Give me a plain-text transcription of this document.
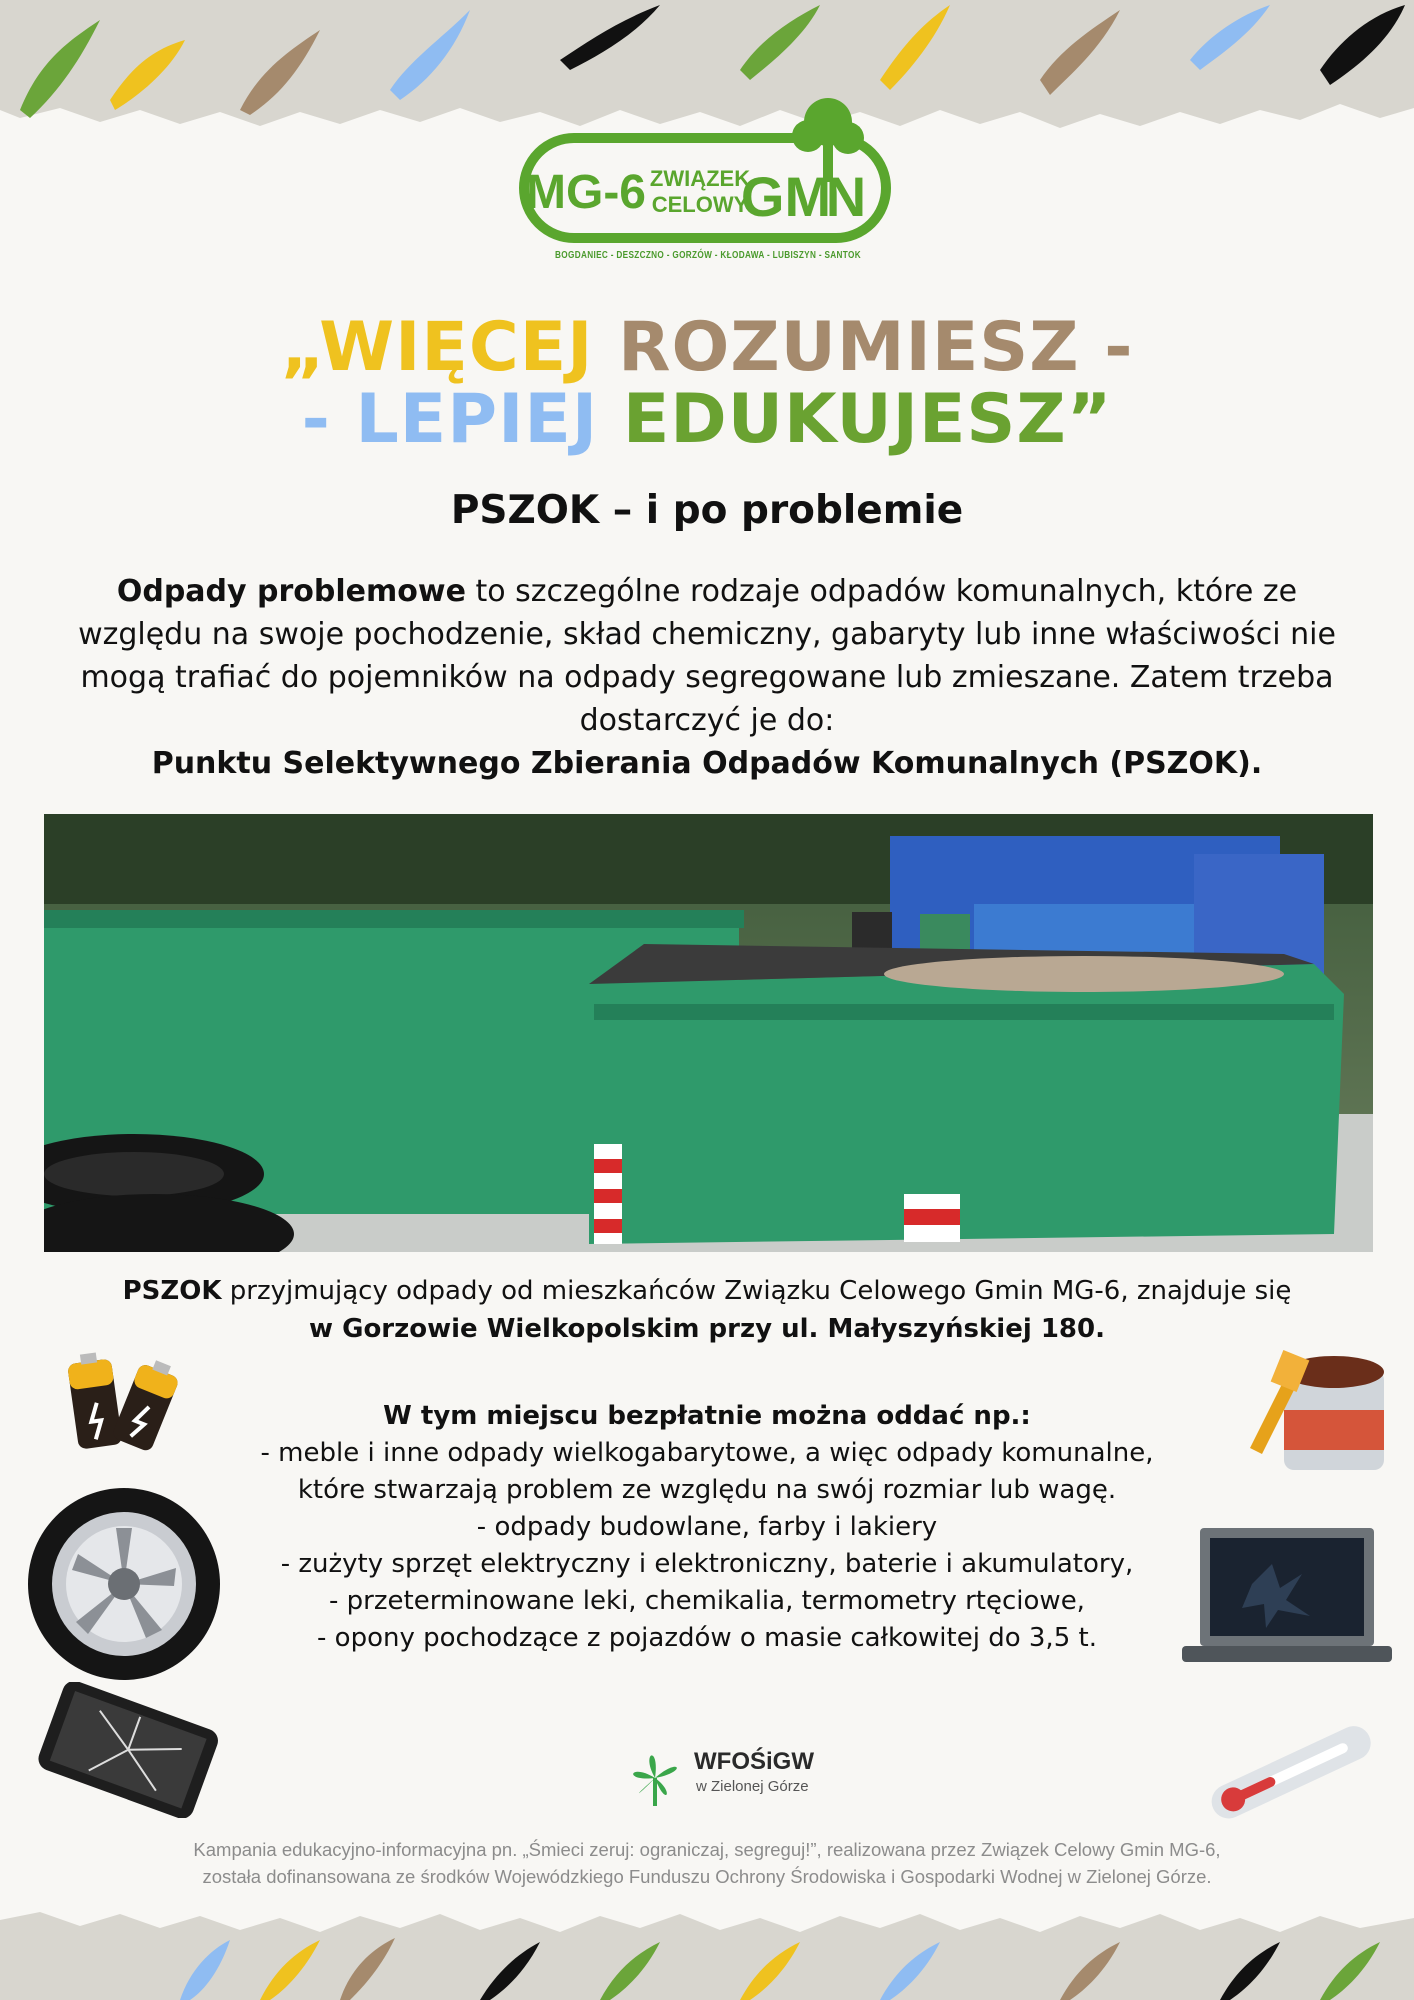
MG-6 ZWIĄZEK
CELOWY
GM
N
BOGDANIEC - DESZCZNO - GORZÓW - KŁODAWA - LUBISZYN - SANTOK
„WIĘCEJ ROZUMIESZ -
- LEPIEJ EDUKUJESZ”
PSZOK – i po problemie
Odpady problemowe to szczególne rodzaje odpadów komunalnych, które ze względu na swoje pochodzenie, skład chemiczny, gabaryty lub inne właściwości nie mogą trafiać do pojemników na odpady segregowane lub zmieszane. Zatem trzeba dostarczyć je do:
Punktu Selektywnego Zbierania Odpadów Komunalnych (PSZOK).
PSZOK przyjmujący odpady od mieszkańców Związku Celowego Gmin MG-6, znajduje się
w Gorzowie Wielkopolskim przy ul. Małyszyńskiej 180.
W tym miejscu bezpłatnie można oddać np.:
- meble i inne odpady wielkogabarytowe, a więc odpady komunalne,
które stwarzają problem ze względu na swój rozmiar lub wagę.
- odpady budowlane, farby i lakiery
- zużyty sprzęt elektryczny i elektroniczny, baterie i akumulatory,
- przeterminowane leki, chemikalia, termometry rtęciowe,
- opony pochodzące z pojazdów o masie całkowitej do 3,5 t.
WFOŚiGW
w Zielonej Górze
Kampania edukacyjno-informacyjna pn. „Śmieci zeruj: ograniczaj, segreguj!”, realizowana przez Związek Celowy Gmin MG-6,
została dofinansowana ze środków Wojewódzkiego Funduszu Ochrony Środowiska i Gospodarki Wodnej w Zielonej Górze.
